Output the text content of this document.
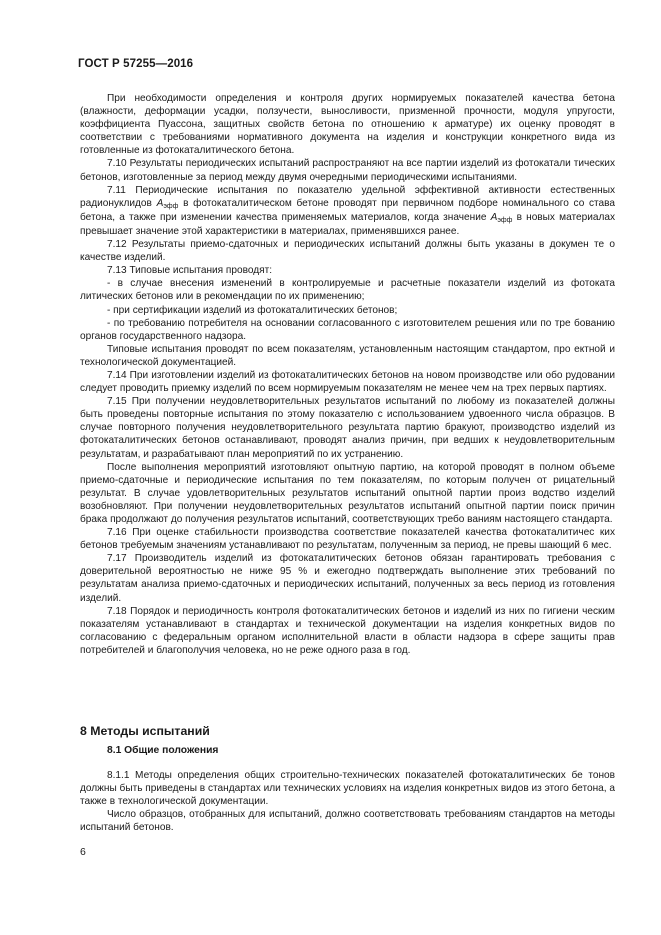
ГОСТ Р 57255—2016

При необходимости определения и контроля других нормируемых показателей качества бетона (влажности, деформации усадки, ползучести, выносливости, призменной прочности, модуля упругости, коэффициента Пуассона, защитных свойств бетона по отношению к арматуре) их оценку проводят в соответствии с требованиями нормативного документа на изделия и конструкции конкретного вида из готовленные из фотокаталитического бетона.

7.10 Результаты периодических испытаний распространяют на все партии изделий из фотокатали тических бетонов, изготовленные за период между двумя очередными периодическими испытаниями.

7.11 Периодические испытания по показателю удельной эффективной активности естественных радионуклидов Aэфф в фотокаталитическом бетоне проводят при первичном подборе номинального со става бетона, а также при изменении качества применяемых материалов, когда значение Aэфф в новых материалах превышает значение этой характеристики в материалах, применявшихся ранее.

7.12 Результаты приемо-сдаточных и периодических испытаний должны быть указаны в докумен те о качестве изделий.

7.13 Типовые испытания проводят:

- в случае внесения изменений в контролируемые и расчетные показатели изделий из фотоката литических бетонов или в рекомендации по их применению;

- при сертификации изделий из фотокаталитических бетонов;

- по требованию потребителя на основании согласованного с изготовителем решения или по тре бованию органов государственного надзора.

Типовые испытания проводят по всем показателям, установленным настоящим стандартом, про ектной и технологической документацией.

7.14 При изготовлении изделий из фотокаталитических бетонов на новом производстве или обо рудовании следует проводить приемку изделий по всем нормируемым показателям не менее чем на трех первых партиях.

7.15 При получении неудовлетворительных результатов испытаний по любому из показателей должны быть проведены повторные испытания по этому показателю с использованием удвоенного числа образцов. В случае повторного получения неудовлетворительного результата партию бракуют, производство изделий из фотокаталитических бетонов останавливают, проводят анализ причин, при ведших к неудовлетворительным результатам, и разрабатывают план мероприятий по их устранению.

После выполнения мероприятий изготовляют опытную партию, на которой проводят в полном объеме приемо-сдаточные и периодические испытания по тем показателям, по которым получен от рицательный результат. В случае удовлетворительных результатов испытаний опытной партии произ водство изделий возобновляют. При получении неудовлетворительных результатов испытаний опытной партии поиск причин брака продолжают до получения результатов испытаний, соответствующих требо ваниям настоящего стандарта.

7.16 При оценке стабильности производства соответствие показателей качества фотокаталитичес ких бетонов требуемым значениям устанавливают по результатам, полученным за период, не превы шающий 6 мес.

7.17 Производитель изделий из фотокаталитических бетонов обязан гарантировать требования с доверительной вероятностью не ниже 95 % и ежегодно подтверждать выполнение этих требований по результатам анализа приемо-сдаточных и периодических испытаний, полученных за весь период из готовления изделий.

7.18 Порядок и периодичность контроля фотокаталитических бетонов и изделий из них по гигиени ческим показателям устанавливают в стандартах и технической документации на изделия конкретных видов по согласованию с федеральным органом исполнительной власти в области надзора в сфере защиты прав потребителей и благополучия человека, но не реже одного раза в год.

8 Методы испытаний
8.1 Общие положения

8.1.1 Методы определения общих строительно-технических показателей фотокаталитических бе тонов должны быть приведены в стандартах или технических условиях на изделия конкретных видов из этого бетона, а также в технологической документации.

Число образцов, отобранных для испытаний, должно соответствовать требованиям стандартов на методы испытаний бетонов.

6
